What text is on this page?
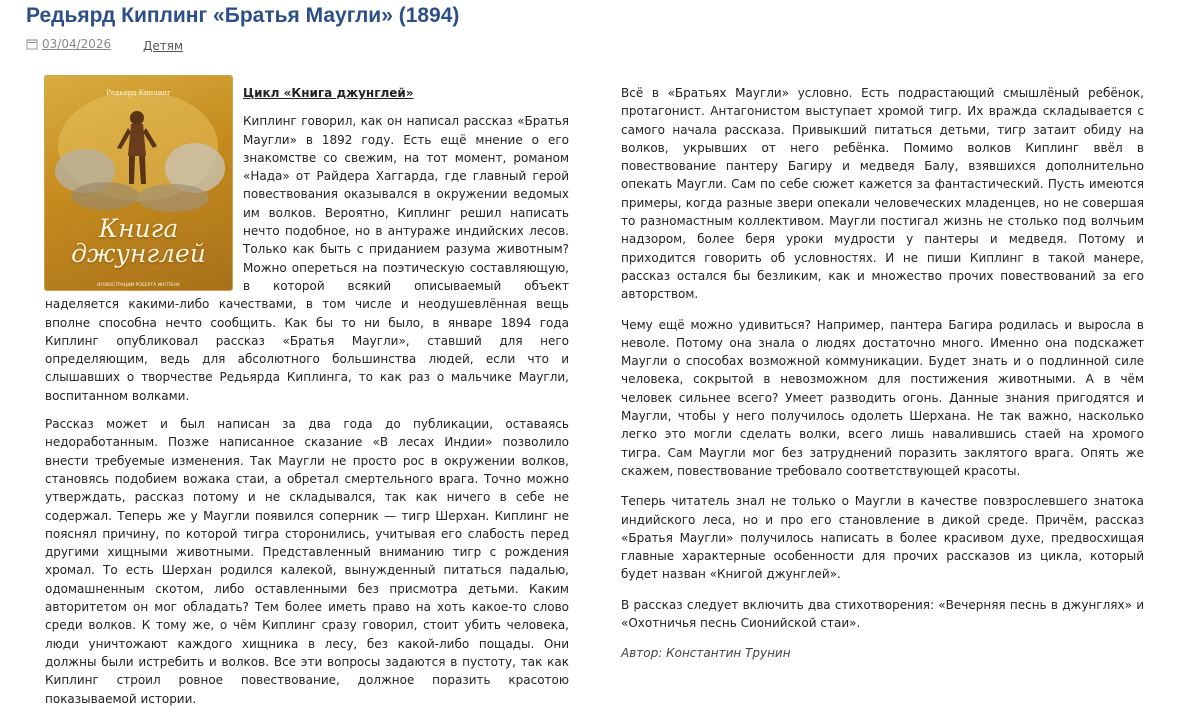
Редьярд Киплинг «Братья Маугли» (1894)
03/04/2026	Детям
Редьярд Киплинг
Книга
джунглей
ИЛЛЮСТРАЦИИ РОБЕРТА ИНГПЕНА

Цикл «Книга джунглей»

Киплинг говорил, как он написал рассказ «Братья Маугли» в 1892 году. Есть ещё мнение о его знакомстве со свежим, на тот момент, романом «Нада» от Райдера Хаггарда, где главный герой повествования оказывался в окружении ведомых им волков. Вероятно, Киплинг решил написать нечто подобное, но в антураже индийских лесов. Только как быть с приданием разума животным? Можно опереться на поэтическую составляющую, в которой всякий описываемый объект наделяется какими-либо качествами, в том числе и неодушевлённая вещь вполне способна нечто сообщить. Как бы то ни было, в январе 1894 года Киплинг опубликовал рассказ «Братья Маугли», ставший для него определяющим, ведь для абсолютного большинства людей, если что и слышавших о творчестве Редьярда Киплинга, то как раз о мальчике Маугли, воспитанном волками.

Рассказ может и был написан за два года до публикации, оставаясь недоработанным. Позже написанное сказание «В лесах Индии» позволило внести требуемые изменения. Так Маугли не просто рос в окружении волков, становясь подобием вожака стаи, а обретал смертельного врага. Точно можно утверждать, рассказ потому и не складывался, так как ничего в себе не содержал. Теперь же у Маугли появился соперник — тигр Шерхан. Киплинг не пояснял причину, по которой тигра сторонились, учитывая его слабость перед другими хищными животными. Представленный вниманию тигр с рождения хромал. То есть Шерхан родился калекой, вынужденный питаться падалью, одомашненным скотом, либо оставленными без присмотра детьми. Каким авторитетом он мог обладать? Тем более иметь право на хоть какое-то слово среди волков. К тому же, о чём Киплинг сразу говорил, стоит убить человека, люди уничтожают каждого хищника в лесу, без какой-либо пощады. Они должны были истребить и волков. Все эти вопросы задаются в пустоту, так как Киплинг строил ровное повествование, должное поразить красотою показываемой истории.

Всё в «Братьях Маугли» условно. Есть подрастающий смышлёный ребёнок, протагонист. Антагонистом выступает хромой тигр. Их вражда складывается с самого начала рассказа. Привыкший питаться детьми, тигр затаит обиду на волков, укрывших от него ребёнка. Помимо волков Киплинг ввёл в повествование пантеру Багиру и медведя Балу, взявшихся дополнительно опекать Маугли. Сам по себе сюжет кажется за фантастический. Пусть имеются примеры, когда разные звери опекали человеческих младенцев, но не совершая то разномастным коллективом. Маугли постигал жизнь не столько под волчьим надзором, более беря уроки мудрости у пантеры и медведя. Потому и приходится говорить об условностях. И не пиши Киплинг в такой манере, рассказ остался бы безликим, как и множество прочих повествований за его авторством.

Чему ещё можно удивиться? Например, пантера Багира родилась и выросла в неволе. Потому она знала о людях достаточно много. Именно она подскажет Маугли о способах возможной коммуникации. Будет знать и о подлинной силе человека, сокрытой в невозможном для постижения животными. А в чём человек сильнее всего? Умеет разводить огонь. Данные знания пригодятся и Маугли, чтобы у него получилось одолеть Шерхана. Не так важно, насколько легко это могли сделать волки, всего лишь навалившись стаей на хромого тигра. Сам Маугли мог без затруднений поразить заклятого врага. Опять же скажем, повествование требовало соответствующей красоты.

Теперь читатель знал не только о Маугли в качестве повзрослевшего знатока индийского леса, но и про его становление в дикой среде. Причём, рассказ «Братья Маугли» получилось написать в более красивом духе, предвосхищая главные характерные особенности для прочих рассказов из цикла, который будет назван «Книгой джунглей».

В рассказ следует включить два стихотворения: «Вечерняя песнь в джунглях» и «Охотничья песнь Сионийской стаи».

Автор: Константин Трунин
